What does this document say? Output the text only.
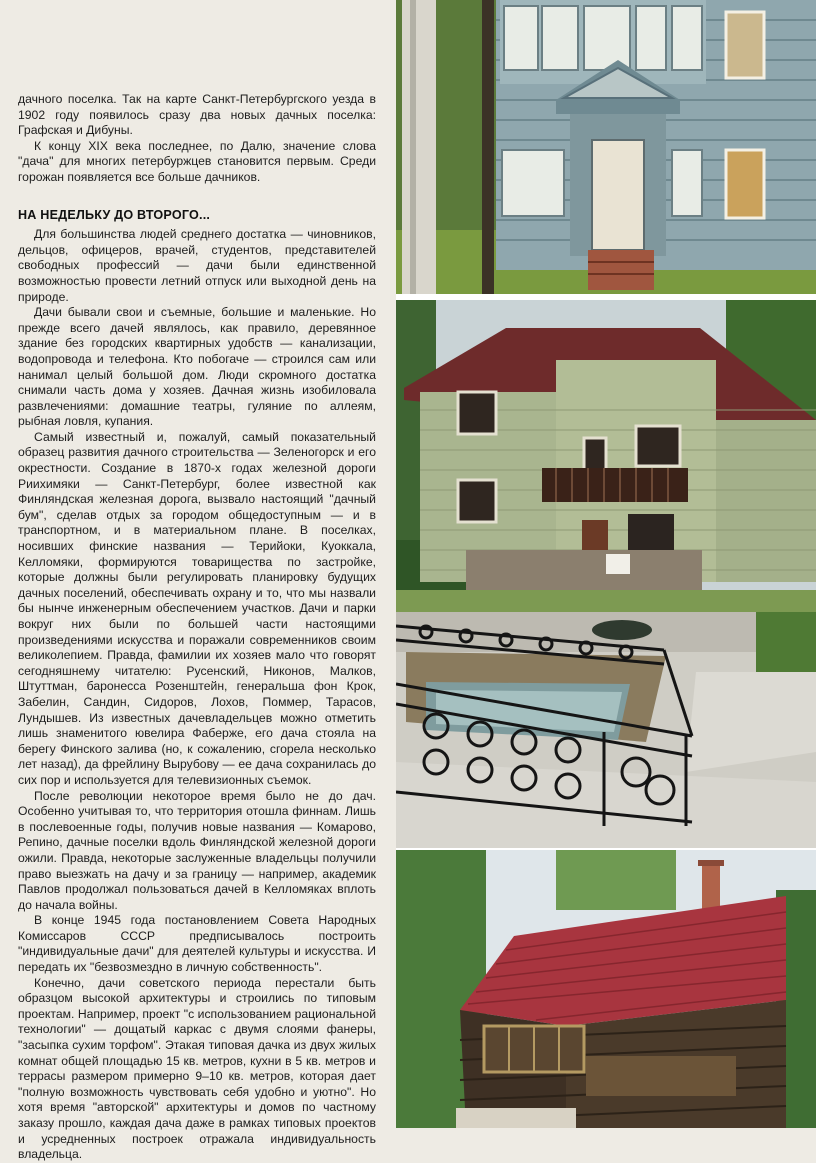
дачного поселка. Так на карте Санкт-Петербургского уезда в 1902 году появилось сразу два новых дачных поселка: Графская и Дибуны.

К концу XIX века последнее, по Далю, значение слова "дача" для многих петербуржцев становится первым. Среди горожан появляется все больше дачников.

НА НЕДЕЛЬКУ ДО ВТОРОГО...

Для большинства людей среднего достатка — чиновников, дельцов, офицеров, врачей, студентов, представителей свободных профессий — дачи были единственной возможностью провести летний отпуск или выходной день на природе.

Дачи бывали свои и съемные, большие и маленькие. Но прежде всего дачей являлось, как правило, деревянное здание без городских квартирных удобств — канализации, водопровода и телефона. Кто побогаче — строился сам или нанимал целый большой дом. Люди скромного достатка снимали часть дома у хозяев. Дачная жизнь изобиловала развлечениями: домашние театры, гуляние по аллеям, рыбная ловля, купания.

Самый известный и, пожалуй, самый показательный образец развития дачного строительства — Зеленогорск и его окрестности. Создание в 1870-х годах железной дороги Риихимяки — Санкт-Петербург, более известной как Финляндская железная дорога, вызвало настоящий "дачный бум", сделав отдых за городом общедоступным — и в транспортном, и в материальном плане. В поселках, носивших финские названия — Терийоки, Куоккала, Келломяки, формируются товарищества по застройке, которые должны были регулировать планировку будущих дачных поселений, обеспечивать охрану и то, что мы назвали бы нынче инженерным обеспечением участков. Дачи и парки вокруг них были по большей части настоящими произведениями искусства и поражали современников своим великолепием. Правда, фамилии их хозяев мало что говорят сегодняшнему читателю: Русенский, Никонов, Малков, Штуттман, баронесса Розенштейн, генеральша фон Крок, Забелин, Сандин, Сидоров, Лохов, Поммер, Тарасов, Лундышев. Из известных дачевладельцев можно отметить лишь знаменитого ювелира Фаберже, его дача стояла на берегу Финского залива (но, к сожалению, сгорела несколько лет назад), да фрейлину Вырубову — ее дача сохранилась до сих пор и используется для телевизионных съемок.

После революции некоторое время было не до дач. Особенно учитывая то, что территория отошла финнам. Лишь в послевоенные годы, получив новые названия — Комарово, Репино, дачные поселки вдоль Финляндской железной дороги ожили. Правда, некоторые заслуженные владельцы получили право выезжать на дачу и за границу — например, академик Павлов продолжал пользоваться дачей в Келломяках вплоть до начала войны.

В конце 1945 года постановлением Совета Народных Комиссаров СССР предписывалось построить "индивидуальные дачи" для деятелей культуры и искусства. И передать их "безвозмездно в личную собственность".

Конечно, дачи советского периода перестали быть образцом высокой архитектуры и строились по типовым проектам. Например, проект "с использованием рациональной технологии" — дощатый каркас с двумя слоями фанеры, "засыпка сухим торфом". Этакая типовая дачка из двух жилых комнат общей площадью 15 кв. метров, кухни в 5 кв. метров и террасы размером примерно 9–10 кв. метров, которая дает "полную возможность чувствовать себя удобно и уютно". Но хотя время "авторской" архитектуры и домов по частному заказу прошло, каждая дача даже в рамках типовых проектов и усредненных построек отражала индивидуальность владельца.
